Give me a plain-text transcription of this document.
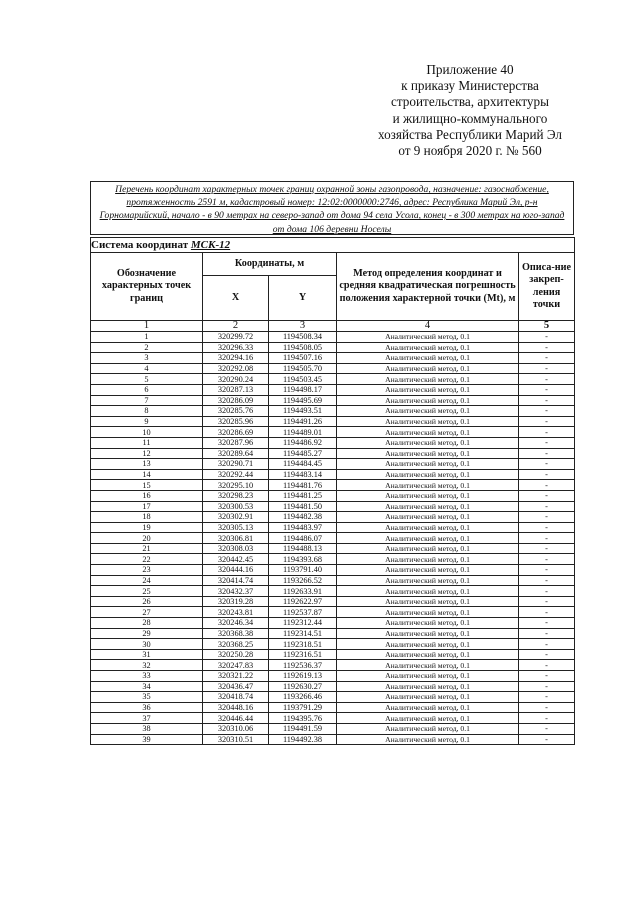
Приложение 40
к приказу Министерства
строительства, архитектуры
и жилищно-коммунального
хозяйства Республики Марий Эл
от 9 ноября 2020 г. № 560
Перечень координат характерных точек границ охранной зоны газопровода, назначение: газоснабжение, протяженность 2591 м, кадастровый номер: 12:02:0000000:2746, адрес: Республика Марий Эл, р-н Горномарийский, начало - в 90 метрах на северо-запад от дома 94 села Усола, конец - в 300 метрах на юго-запад от дома 106 деревни Носелы
Система координат МСК-12				
Обозначение характерных точек границ	Координаты, м		Метод определения координат и средняя квадратическая погрешность положения характерной точки (Mt), м	Описа-ние закреп-ления точки
	X	Y		
1	2	3	4	5
1	320299.72	1194508.34	Аналитический метод, 0.1	-
2	320296.33	1194508.05	Аналитический метод, 0.1	-
3	320294.16	1194507.16	Аналитический метод, 0.1	-
4	320292.08	1194505.70	Аналитический метод, 0.1	-
5	320290.24	1194503.45	Аналитический метод, 0.1	-
6	320287.13	1194498.17	Аналитический метод, 0.1	-
7	320286.09	1194495.69	Аналитический метод, 0.1	-
8	320285.76	1194493.51	Аналитический метод, 0.1	-
9	320285.96	1194491.26	Аналитический метод, 0.1	-
10	320286.69	1194489.01	Аналитический метод, 0.1	-
11	320287.96	1194486.92	Аналитический метод, 0.1	-
12	320289.64	1194485.27	Аналитический метод, 0.1	-
13	320290.71	1194484.45	Аналитический метод, 0.1	-
14	320292.44	1194483.14	Аналитический метод, 0.1	-
15	320295.10	1194481.76	Аналитический метод, 0.1	-
16	320298.23	1194481.25	Аналитический метод, 0.1	-
17	320300.53	1194481.50	Аналитический метод, 0.1	-
18	320302.91	1194482.38	Аналитический метод, 0.1	-
19	320305.13	1194483.97	Аналитический метод, 0.1	-
20	320306.81	1194486.07	Аналитический метод, 0.1	-
21	320308.03	1194488.13	Аналитический метод, 0.1	-
22	320442.45	1194393.68	Аналитический метод, 0.1	-
23	320444.16	1193791.40	Аналитический метод, 0.1	-
24	320414.74	1193266.52	Аналитический метод, 0.1	-
25	320432.37	1192633.91	Аналитический метод, 0.1	-
26	320319.28	1192622.97	Аналитический метод, 0.1	-
27	320243.81	1192537.87	Аналитический метод, 0.1	-
28	320246.34	1192312.44	Аналитический метод, 0.1	-
29	320368.38	1192314.51	Аналитический метод, 0.1	-
30	320368.25	1192318.51	Аналитический метод, 0.1	-
31	320250.28	1192316.51	Аналитический метод, 0.1	-
32	320247.83	1192536.37	Аналитический метод, 0.1	-
33	320321.22	1192619.13	Аналитический метод, 0.1	-
34	320436.47	1192630.27	Аналитический метод, 0.1	-
35	320418.74	1193266.46	Аналитический метод, 0.1	-
36	320448.16	1193791.29	Аналитический метод, 0.1	-
37	320446.44	1194395.76	Аналитический метод, 0.1	-
38	320310.06	1194491.59	Аналитический метод, 0.1	-
39	320310.51	1194492.38	Аналитический метод, 0.1	-
